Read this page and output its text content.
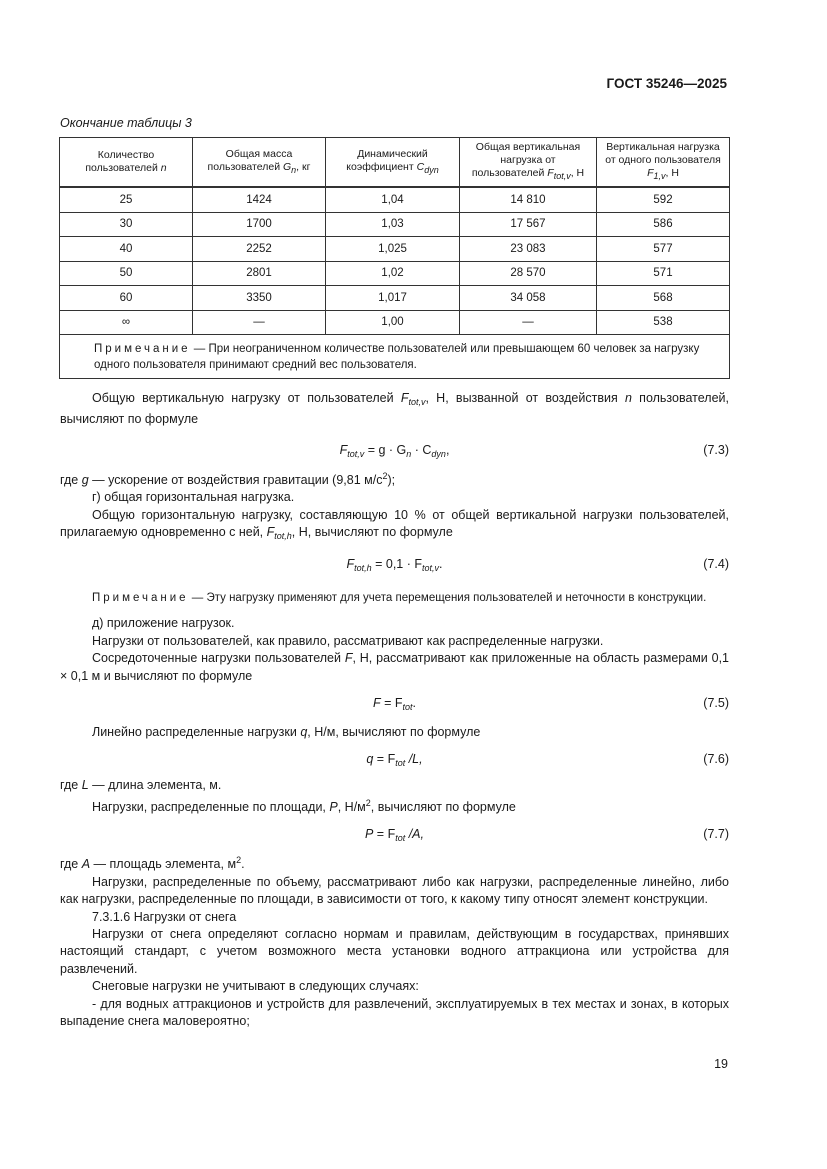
ГОСТ 35246—2025
Окончание таблицы 3
Количество пользователей n	Общая масса пользователей $G_n$, кг	Динамический коэффициент $C_{dyn}$	Общая вертикальная нагрузка от пользователей $F_{tot,v}$, Н	Вертикальная нагрузка от одного пользователя $F_{1,v}$, Н
25	1424	1,04	14 810	592
30	1700	1,03	17 567	586
40	2252	1,025	23 083	577
50	2801	1,02	28 570	571
60	3350	1,017	34 058	568
∞	—	1,00	—	538
Примечание — При неограниченном количестве пользователей или превышающем 60 человек за нагрузку одного пользователя принимают средний вес пользователя.				

Общую вертикальную нагрузку от пользователей $F_{tot,v}$, Н, вызванной от воздействия n пользователей, вычисляют по формуле

$F_{tot,v} = g \cdot G_n \cdot C_{dyn}$,	(7.3)

где g — ускорение от воздействия гравитации (9,81 $м/с^2$);

г) общая горизонтальная нагрузка.

Общую горизонтальную нагрузку, составляющую 10 % от общей вертикальной нагрузки пользователей, прилагаемую одновременно с ней, $F_{tot,h}$, Н, вычисляют по формуле

$F_{tot,h} = 0,1 \cdot F_{tot,v}$.	(7.4)

Примечание — Эту нагрузку применяют для учета перемещения пользователей и неточности в конструкции.

д) приложение нагрузок.

Нагрузки от пользователей, как правило, рассматривают как распределенные нагрузки.

Сосредоточенные нагрузки пользователей F, Н, рассматривают как приложенные на область размерами 0,1 × 0,1 м и вычисляют по формуле

$F = F_{tot}$.	(7.5)

Линейно распределенные нагрузки q, Н/м, вычисляют по формуле

$q = F_{tot}$ /L,	(7.6)

где L — длина элемента, м.

Нагрузки, распределенные по площади, P, $Н/м^2$, вычисляют по формуле

$P = F_{tot}$ /A,	(7.7)

где A — площадь элемента, $м^2$.

Нагрузки, распределенные по объему, рассматривают либо как нагрузки, распределенные линейно, либо как нагрузки, распределенные по площади, в зависимости от того, к какому типу относят элемент конструкции.

7.3.1.6 Нагрузки от снега

Нагрузки от снега определяют согласно нормам и правилам, действующим в государствах, принявших настоящий стандарт, с учетом возможного места установки водного аттракциона или устройства для развлечений.

Снеговые нагрузки не учитывают в следующих случаях:

- для водных аттракционов и устройств для развлечений, эксплуатируемых в тех местах и зонах, в которых выпадение снега маловероятно;

19
